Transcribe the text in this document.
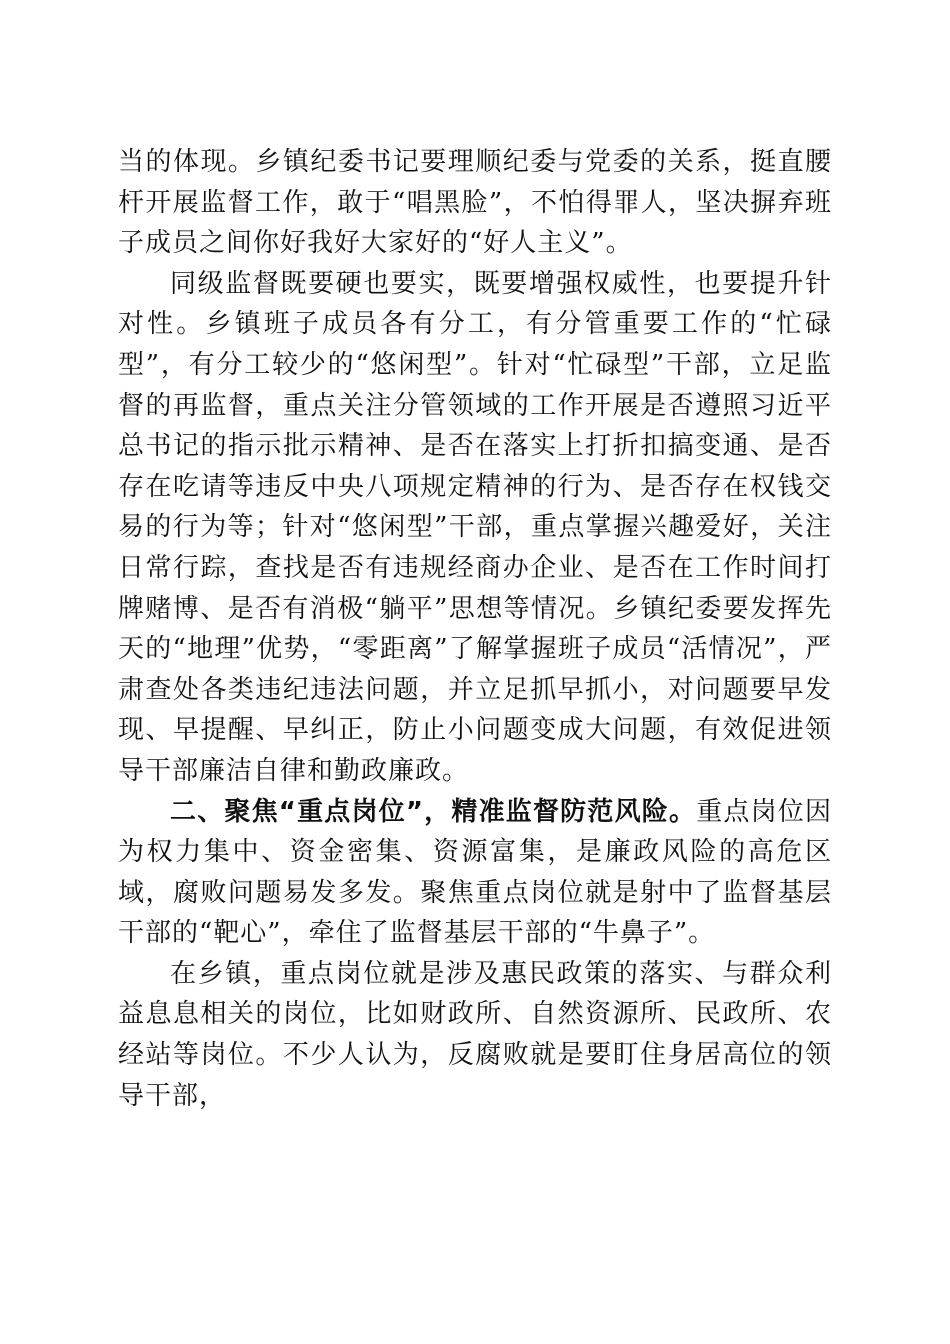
当的体现。乡镇纪委书记要理顺纪委与党委的关系，挺直腰杆开展监督工作，敢于“唱黑脸”，不怕得罪人，坚决摒弃班子成员之间你好我好大家好的“好人主义”。

同级监督既要硬也要实，既要增强权威性，也要提升针对性。乡镇班子成员各有分工，有分管重要工作的“忙碌型”，有分工较少的“悠闲型”。针对“忙碌型”干部，立足监督的再监督，重点关注分管领域的工作开展是否遵照习近平总书记的指示批示精神、是否在落实上打折扣搞变通、是否存在吃请等违反中央八项规定精神的行为、是否存在权钱交易的行为等；针对“悠闲型”干部，重点掌握兴趣爱好，关注日常行踪，查找是否有违规经商办企业、是否在工作时间打牌赌博、是否有消极“躺平”思想等情况。乡镇纪委要发挥先天的“地理”优势，“零距离”了解掌握班子成员“活情况”，严肃查处各类违纪违法问题，并立足抓早抓小，对问题要早发现、早提醒、早纠正，防止小问题变成大问题，有效促进领导干部廉洁自律和勤政廉政。

二、聚焦“重点岗位”，精准监督防范风险。重点岗位因为权力集中、资金密集、资源富集，是廉政风险的高危区域，腐败问题易发多发。聚焦重点岗位就是射中了监督基层干部的“靶心”，牵住了监督基层干部的“牛鼻子”。

在乡镇，重点岗位就是涉及惠民政策的落实、与群众利益息息相关的岗位，比如财政所、自然资源所、民政所、农经站等岗位。不少人认为，反腐败就是要盯住身居高位的领导干部，
